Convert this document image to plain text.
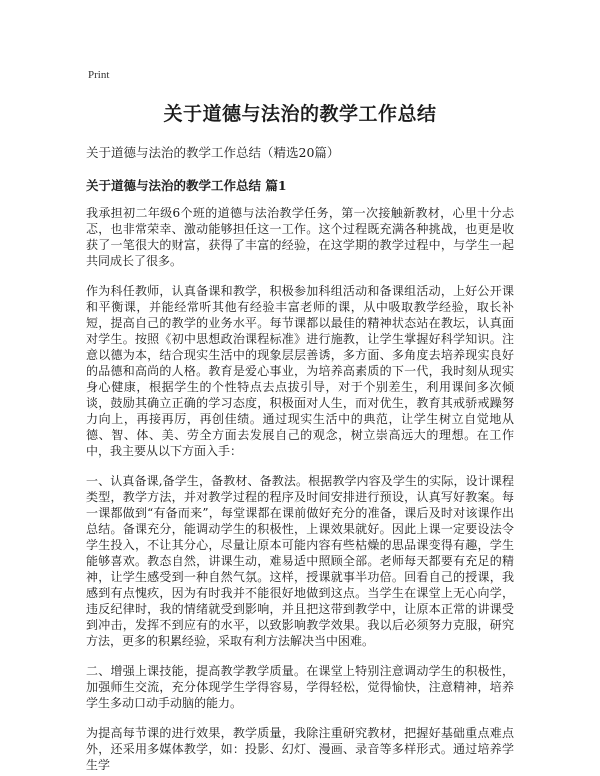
Print
关于道德与法治的教学工作总结
关于道德与法治的教学工作总结（精选20篇）
关于道德与法治的教学工作总结 篇1

我承担初二年级6个班的道德与法治教学任务，第一次接触新教材，心里十分忐忑，也非常荣幸、激动能够担任这一工作。这个过程既充满各种挑战，也更是收获了一笔很大的财富，获得了丰富的经验，在这学期的教学过程中，与学生一起共同成长了很多。

作为科任教师，认真备课和教学，积极参加科组活动和备课组活动，上好公开课和平衡课，并能经常听其他有经验丰富老师的课，从中吸取教学经验，取长补短，提高自己的教学的业务水平。每节课都以最佳的精神状态站在教坛，认真面对学生。按照《初中思想政治课程标准》进行施教，让学生掌握好科学知识。注意以德为本，结合现实生活中的现象层层善诱，多方面、多角度去培养现实良好的品德和高尚的人格。教育是爱心事业，为培养高素质的下一代，我时刻从现实身心健康，根据学生的个性特点去点拔引导，对于个别差生，利用课间多次倾谈，鼓励其确立正确的学习态度，积极面对人生，而对优生，教育其戒骄戒躁努力向上，再接再厉，再创佳绩。通过现实生活中的典范，让学生树立自觉地从德、智、体、美、劳全方面去发展自己的观念，树立崇高远大的理想。在工作中，我主要从以下方面入手：

一、认真备课,备学生，备教材、备教法。根据教学内容及学生的实际，设计课程类型，教学方法，并对教学过程的程序及时间安排进行预设，认真写好教案。每一课都做到“有备而来”，每堂课都在课前做好充分的准备，课后及时对该课作出总结。备课充分，能调动学生的积极性，上课效果就好。因此上课一定要设法令学生投入，不让其分心，尽量让原本可能内容有些枯燥的思品课变得有趣，学生能够喜欢。教态自然，讲课生动，难易适中照顾全部。老师每天都要有充足的精神，让学生感受到一种自然气氛。这样，授课就事半功倍。回看自己的授课，我感到有点愧疚，因为有时我并不能很好地做到这点。当学生在课堂上无心向学，违反纪律时，我的情绪就受到影响，并且把这带到教学中，让原本正常的讲课受到冲击，发挥不到应有的水平，以致影响教学效果。我以后必须努力克服，研究方法，更多的积累经验，采取有利方法解决当中困难。

二、增强上课技能，提高教学教学质量。在课堂上特别注意调动学生的积极性，加强师生交流，充分体现学生学得容易，学得轻松，觉得愉快，注意精神，培养学生多动口动手动脑的能力。

为提高每节课的进行效果，教学质量，我除注重研究教材，把握好基础重点难点外，还采用多媒体教学，如：投影、幻灯、漫画、录音等多样形式。通过培养学生学
